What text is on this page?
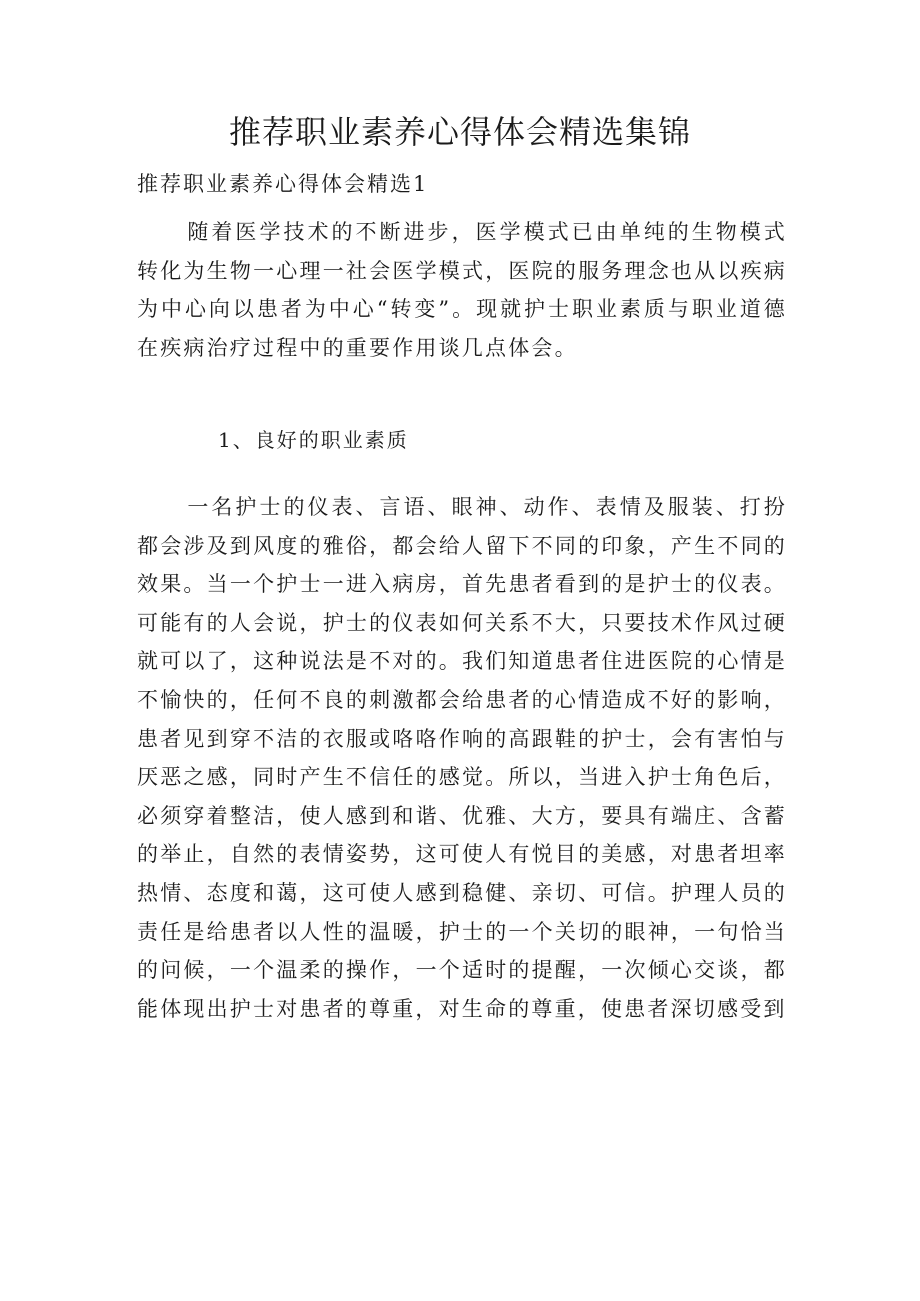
推荐职业素养心得体会精选集锦

推荐职业素养心得体会精选1

随着医学技术的不断进步，医学模式已由单纯的生物模式转化为生物一心理一社会医学模式，医院的服务理念也从以疾病为中心向以患者为中心“转变”。现就护士职业素质与职业道德在疾病治疗过程中的重要作用谈几点体会。

1、良好的职业素质

一名护士的仪表、言语、眼神、动作、表情及服装、打扮都会涉及到风度的雅俗，都会给人留下不同的印象，产生不同的效果。当一个护士一进入病房，首先患者看到的是护士的仪表。可能有的人会说，护士的仪表如何关系不大，只要技术作风过硬就可以了，这种说法是不对的。我们知道患者住进医院的心情是不愉快的，任何不良的刺激都会给患者的心情造成不好的影响，患者见到穿不洁的衣服或咯咯作响的高跟鞋的护士，会有害怕与厌恶之感，同时产生不信任的感觉。所以，当进入护士角色后，必须穿着整洁，使人感到和谐、优雅、大方，要具有端庄、含蓄的举止，自然的表情姿势，这可使人有悦目的美感，对患者坦率热情、态度和蔼，这可使人感到稳健、亲切、可信。护理人员的责任是给患者以人性的温暖，护士的一个关切的眼神，一句恰当的问候，一个温柔的操作，一个适时的提醒，一次倾心交谈，都能体现出护士对患者的尊重，对生命的尊重，使患者深切感受到
